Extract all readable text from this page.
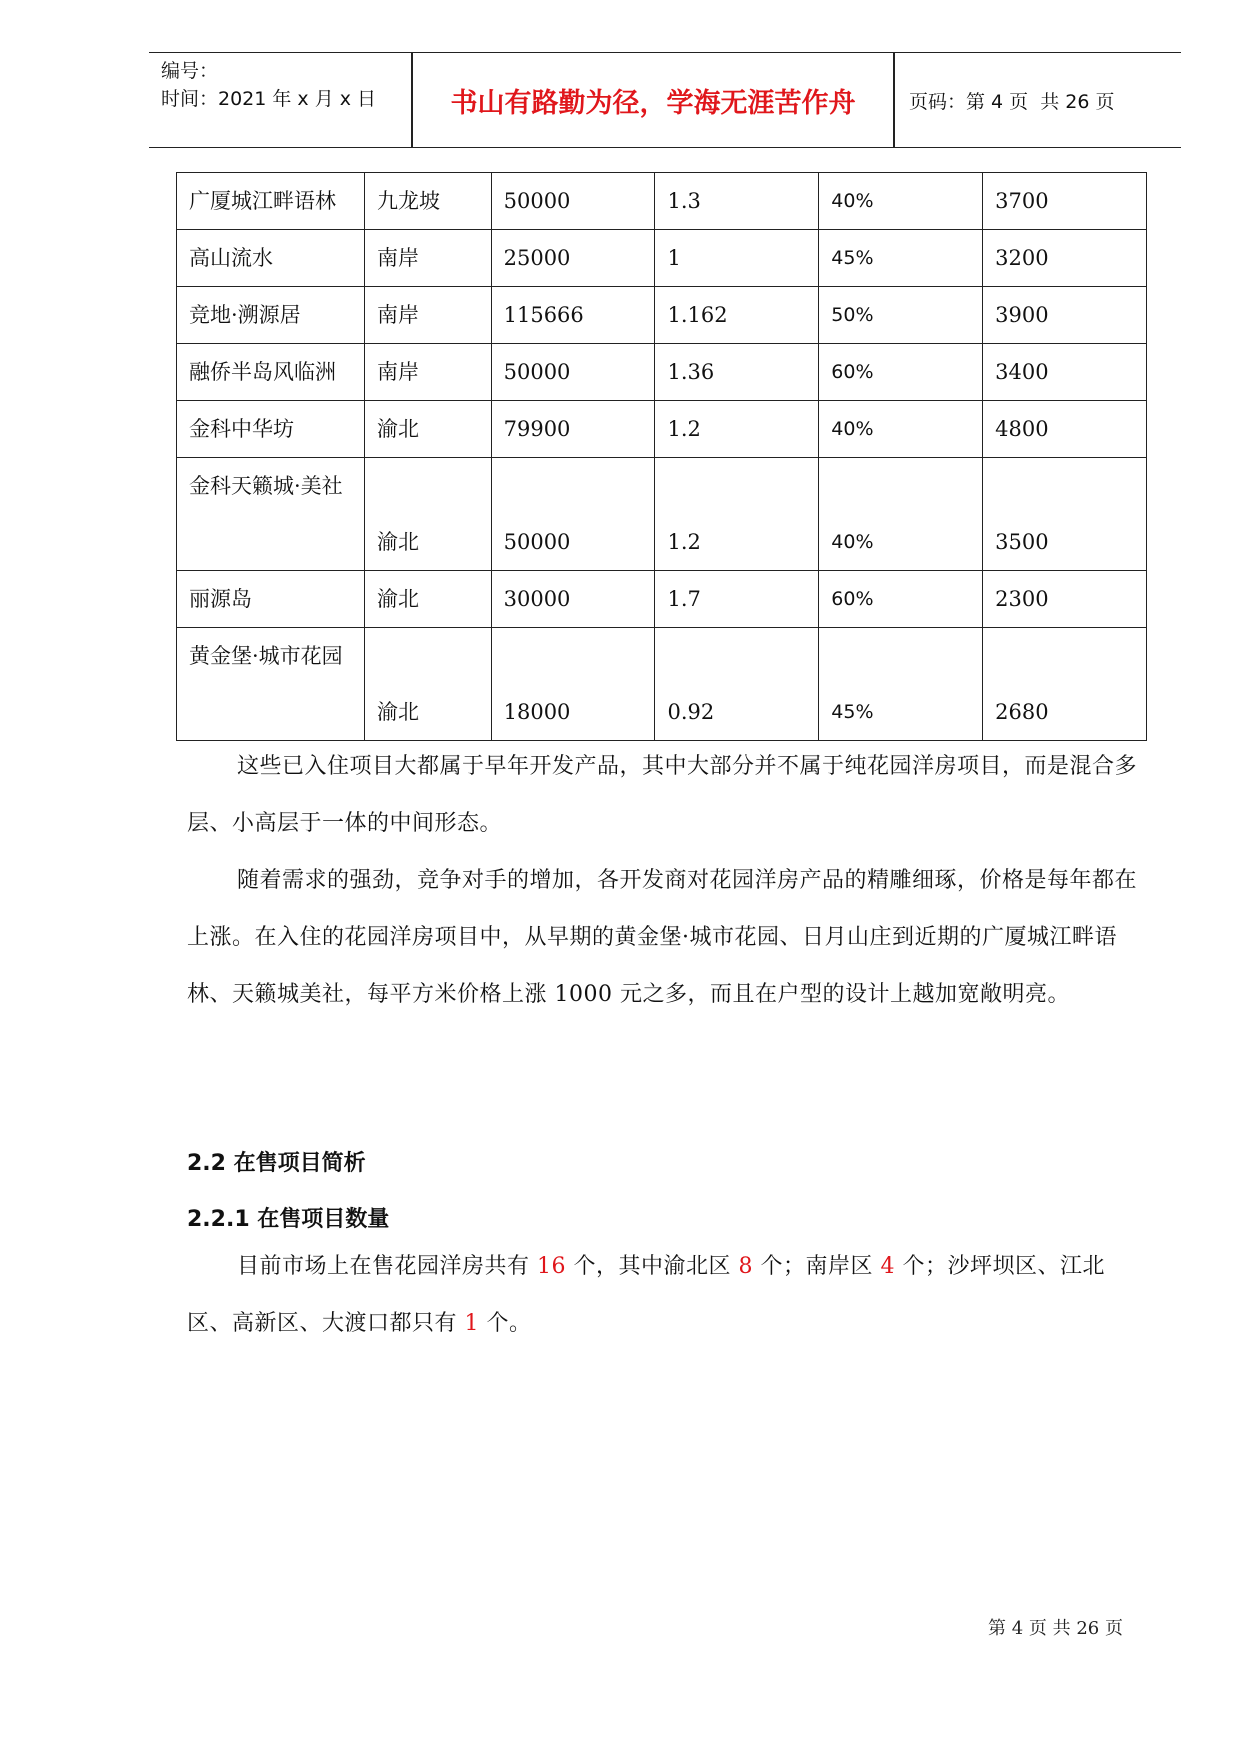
编号：
时间：2021 年 x 月 x 日	书山有路勤为径，学海无涯苦作舟	页码：第 4 页  共 26 页
广厦城江畔语林	九龙坡	50000	1.3	40%	3700
高山流水	南岸	25000	1	45%	3200
竞地·溯源居	南岸	115666	1.162	50%	3900
融侨半岛风临洲	南岸	50000	1.36	60%	3400
金科中华坊	渝北	79900	1.2	40%	4800
金科天籁城·美社	渝北	50000	1.2	40%	3500
丽源岛	渝北	30000	1.7	60%	2300
黄金堡·城市花园	渝北	18000	0.92	45%	2680
这些已入住项目大都属于早年开发产品，其中大部分并不属于纯花园洋房项目，而是混合多层、小高层于一体的中间形态。
随着需求的强劲，竞争对手的增加，各开发商对花园洋房产品的精雕细琢，价格是每年都在上涨。在入住的花园洋房项目中，从早期的黄金堡·城市花园、日月山庄到近期的广厦城江畔语林、天籁城美社，每平方米价格上涨 1000 元之多，而且在户型的设计上越加宽敞明亮。
2.2 在售项目简析
2.2.1 在售项目数量
目前市场上在售花园洋房共有 16 个，其中渝北区 8 个；南岸区 4 个；沙坪坝区、江北区、高新区、大渡口都只有 1 个。
第 4 页 共 26 页
